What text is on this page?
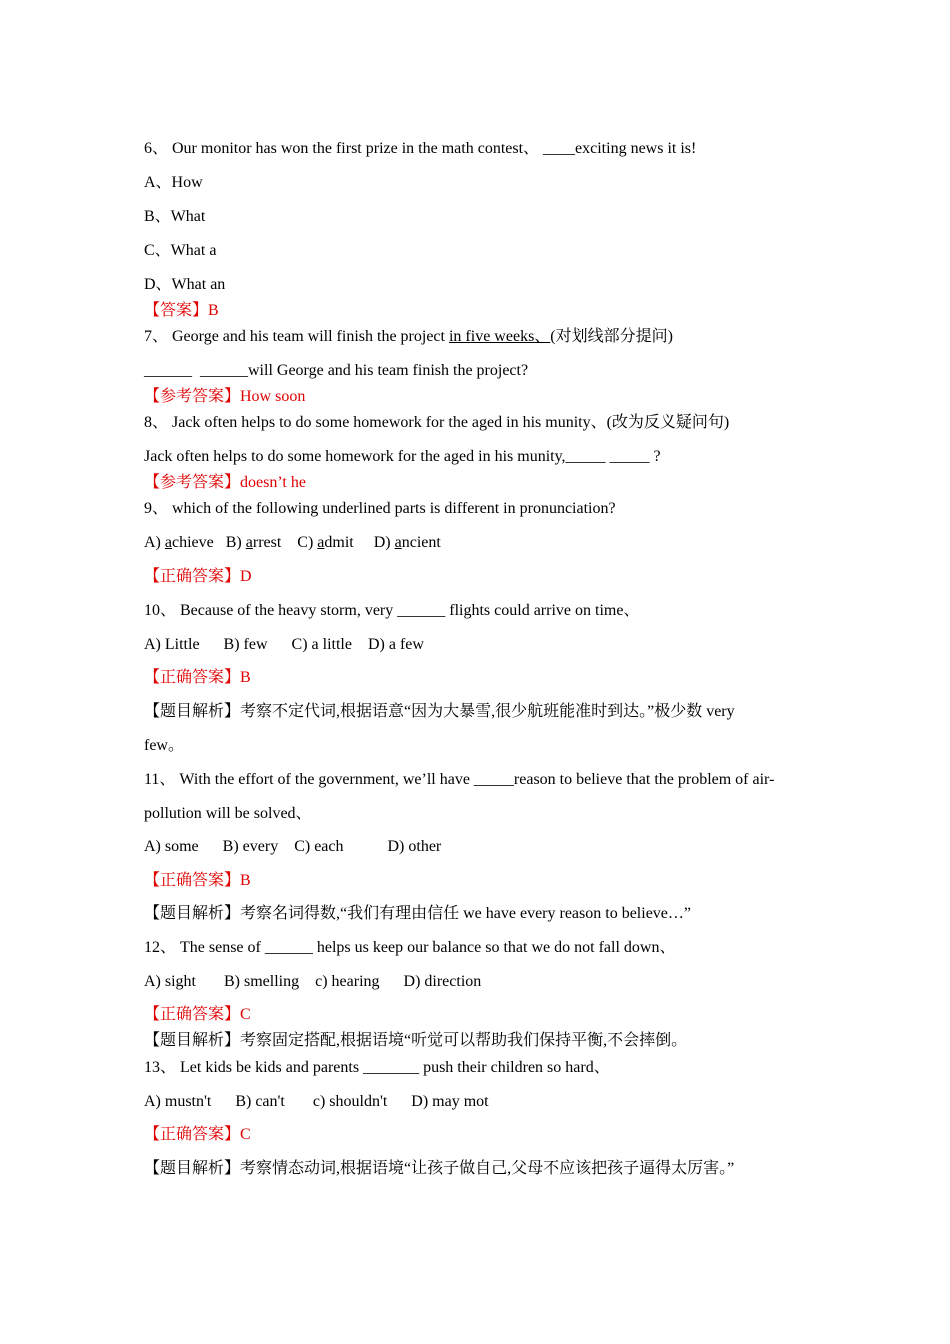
6、 Our monitor has won the first prize in the math contest、 ____exciting news it is!
A、How
B、What
C、What a
D、What an
【答案】B
7、 George and his team will finish the project in five weeks、(对划线部分提问)
______  ______will George and his team finish the project?
【参考答案】How soon
8、 Jack often helps to do some homework for the aged in his munity、(改为反义疑问句)
Jack often helps to do some homework for the aged in his munity,_____ _____ ?
【参考答案】doesn’t he
9、 which of the following underlined parts is different in pronunciation?
A) achieve B) arrest C) admit D) ancient
【正确答案】D
10、 Because of the heavy storm, very ______ flights could arrive on time、
A) Little      B) few      C) a little    D) a few
【正确答案】B
【题目解析】考察不定代词,根据语意“因为大暴雪,很少航班能准时到达。”极少数 very
few。
11、 With the effort of the government, we’ll have _____reason to believe that the problem of air-
pollution will be solved、
A) some      B) every    C) each           D) other
【正确答案】B
【题目解析】考察名词得数,“我们有理由信任 we have every reason to believe…”
12、 The sense of ______ helps us keep our balance so that we do not fall down、
A) sight       B) smelling    c) hearing      D) direction
【正确答案】C
【题目解析】考察固定搭配,根据语境“听觉可以帮助我们保持平衡,不会摔倒。
13、 Let kids be kids and parents _______ push their children so hard、
A) mustn't      B) can't       c) shouldn't      D) may mot
【正确答案】C
【题目解析】考察情态动词,根据语境“让孩子做自己,父母不应该把孩子逼得太厉害。”
